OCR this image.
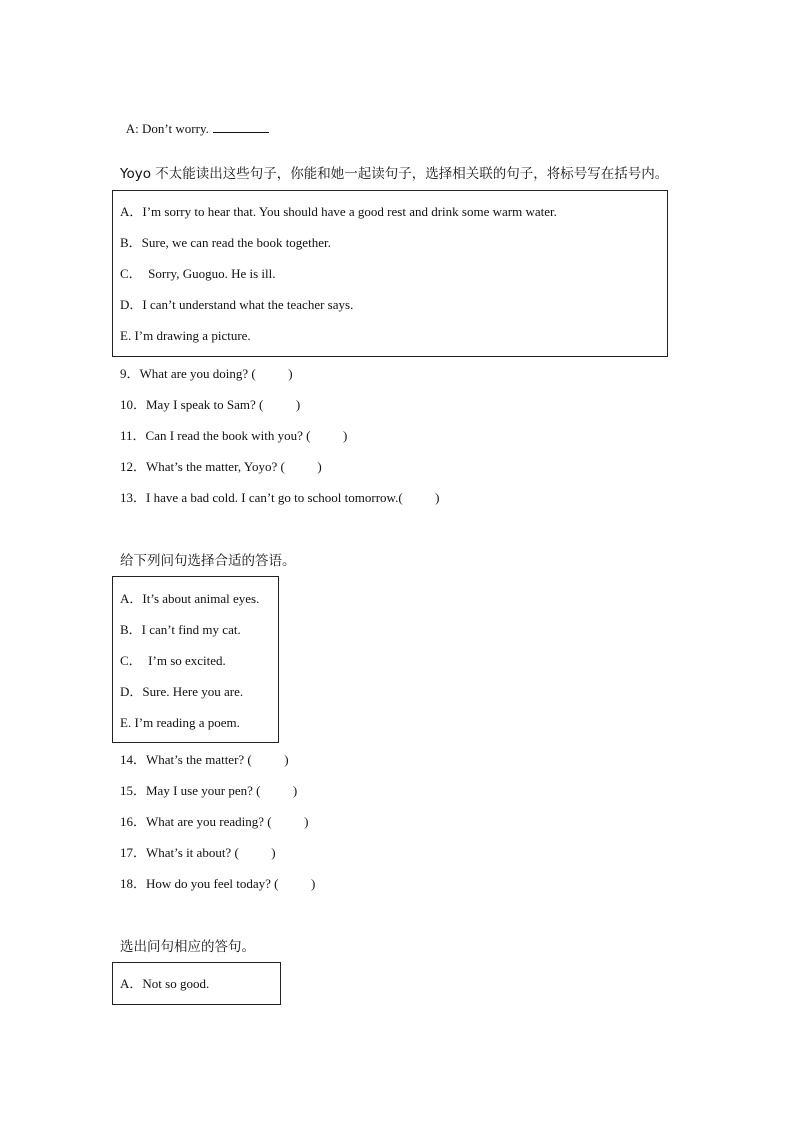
A: Don’t worry.

Yoyo 不太能读出这些句子，你能和她一起读句子，选择相关联的句子，将标号写在括号内。
A．I’m sorry to hear that. You should have a good rest and drink some warm water.
B．Sure, we can read the book together.
C．  Sorry, Guoguo. He is ill.
D．I can’t understand what the teacher says.
E. I’m drawing a picture.
9．What are you doing? (          )
10．May I speak to Sam? (          )
11．Can I read the book with you? (          )
12．What’s the matter, Yoyo? (          )
13．I have a bad cold. I can’t go to school tomorrow.(          )
给下列问句选择合适的答语。
A．It’s about animal eyes.
B．I can’t find my cat.
C．  I’m so excited.
D．Sure. Here you are.
E. I’m reading a poem.
14．What’s the matter? (          )
15．May I use your pen? (          )
16．What are you reading? (          )
17．What’s it about? (          )
18．How do you feel today? (          )
选出问句相应的答句。
A．Not so good.
